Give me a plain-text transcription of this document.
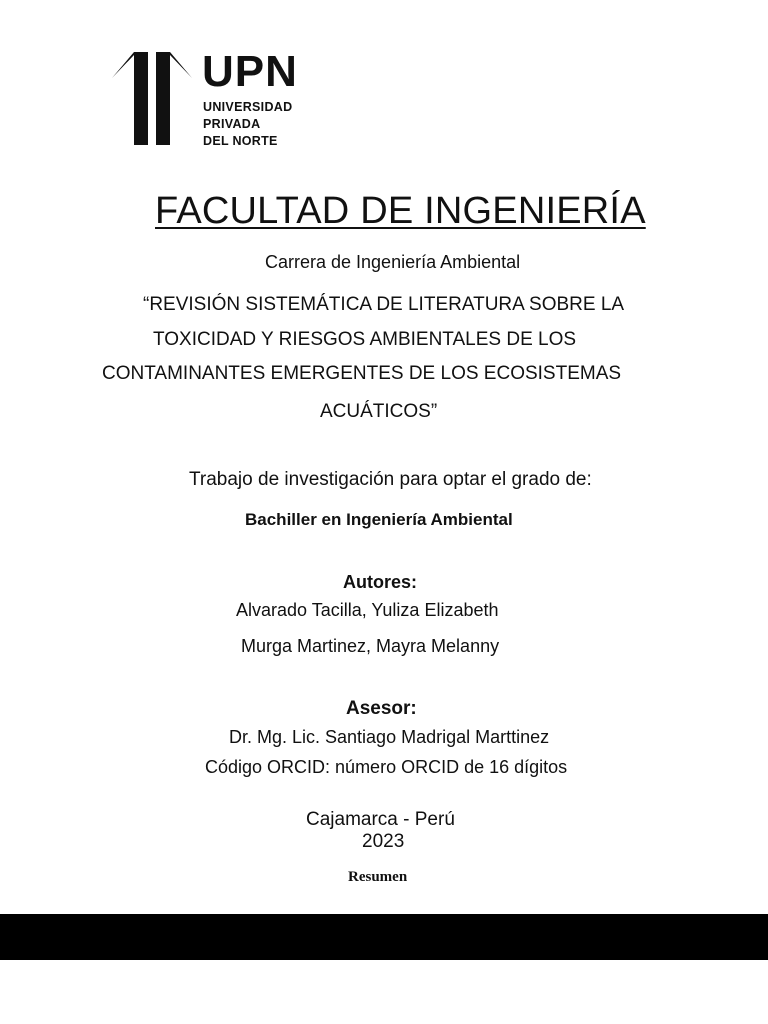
UPN
UNIVERSIDAD
PRIVADA
DEL NORTE
FACULTAD DE INGENIERÍA
Carrera de Ingeniería Ambiental
“REVISIÓN SISTEMÁTICA DE LITERATURA SOBRE LA
TOXICIDAD Y RIESGOS AMBIENTALES DE LOS
CONTAMINANTES EMERGENTES DE LOS ECOSISTEMAS
ACUÁTICOS”
Trabajo de investigación para optar el grado de:
Bachiller en Ingeniería Ambiental
Autores:
Alvarado Tacilla, Yuliza Elizabeth
Murga Martinez, Mayra Melanny
Asesor:
Dr. Mg. Lic. Santiago Madrigal Marttinez
Código ORCID: número ORCID de 16 dígitos
Cajamarca - Perú
2023
Resumen
